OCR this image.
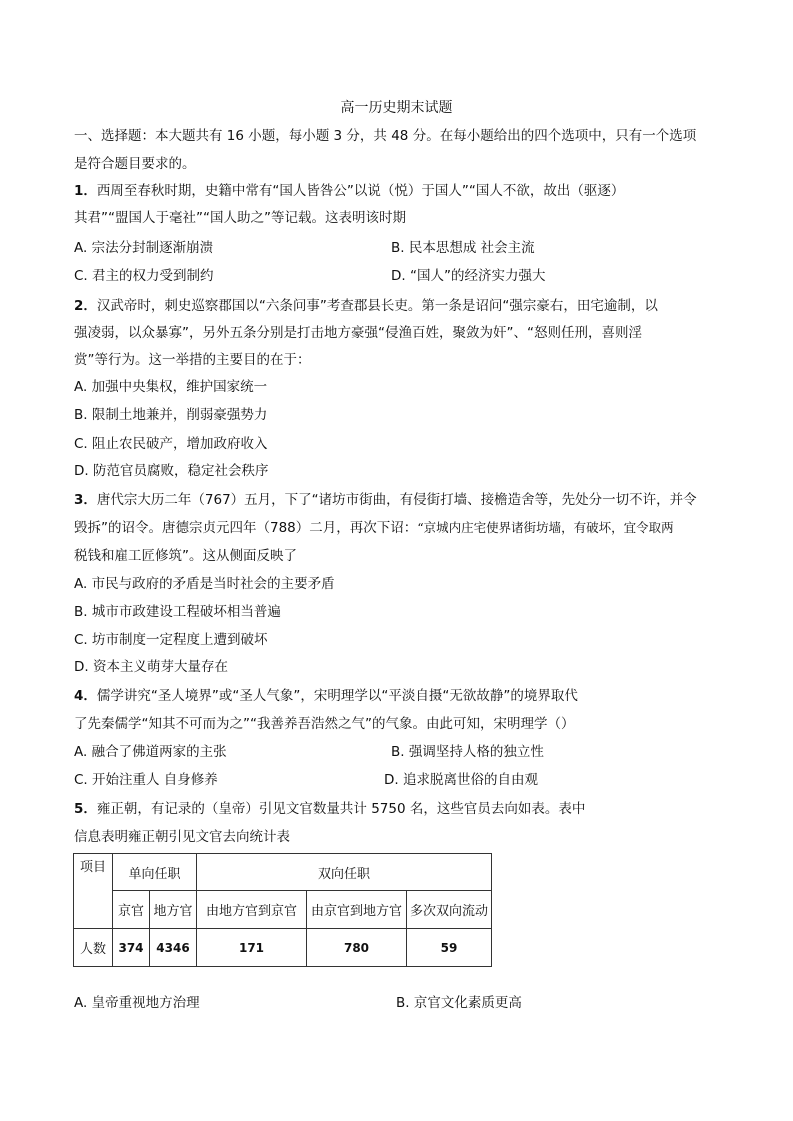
高一历史期末试题
一、选择题：本大题共有 16 小题，每小题 3 分，共 48 分。在每小题给出的四个选项中，只有一个选项
是符合题目要求的。
1．西周至春秋时期，史籍中常有“国人皆咎公”以说（悦）于国人”“国人不欲，故出（驱逐）
其君”“盟国人于毫社”“国人助之”等记载。这表明该时期
A. 宗法分封制逐渐崩溃	B. 民本思想成 社会主流
C. 君主的权力受到制约	D. “国人”的经济实力强大
2．汉武帝时，刺史巡察郡国以“六条问事”考查郡县长吏。第一条是诏问“强宗豪右，田宅逾制，以
强凌弱，以众暴寡”，另外五条分别是打击地方豪强“侵渔百姓，聚敛为奸”、“怒则任刑，喜则淫
赏”等行为。这一举措的主要目的在于：
A. 加强中央集权，维护国家统一
B. 限制土地兼并，削弱豪强势力
C. 阻止农民破产，增加政府收入
D. 防范官员腐败，稳定社会秩序
3．唐代宗大历二年（767）五月，下了“诸坊市街曲，有侵街打墙、接檐造舍等，先处分一切不许，并令
毁拆”的诏令。唐德宗贞元四年（788）二月，再次下诏：“京城内庄宅使界诸街坊墙，有破坏，宜令取两
税钱和雇工匠修筑”。这从侧面反映了
A. 市民与政府的矛盾是当时社会的主要矛盾
B. 城市市政建设工程破坏相当普遍
C. 坊市制度一定程度上遭到破坏
D. 资本主义萌芽大量存在
4．儒学讲究“圣人境界”或“圣人气象”，宋明理学以“平淡自摄“无欲故静”的境界取代
了先秦儒学“知其不可而为之”“我善养吾浩然之气”的气象。由此可知，宋明理学（）
A. 融合了佛道两家的主张	B. 强调坚持人格的独立性
C. 开始注重人 自身修养	D. 追求脱离世俗的自由观
5．雍正朝，有记录的（皇帝）引见文官数量共计 5750 名，这些官员去向如表。表中
信息表明雍正朝引见文官去向统计表
项目	单向任职		双向任职		
	京官	地方官	由地方官到京官	由京官到地方官	多次双向流动
人数	374	4346	171	780	59
A. 皇帝重视地方治理	B. 京官文化素质更高
